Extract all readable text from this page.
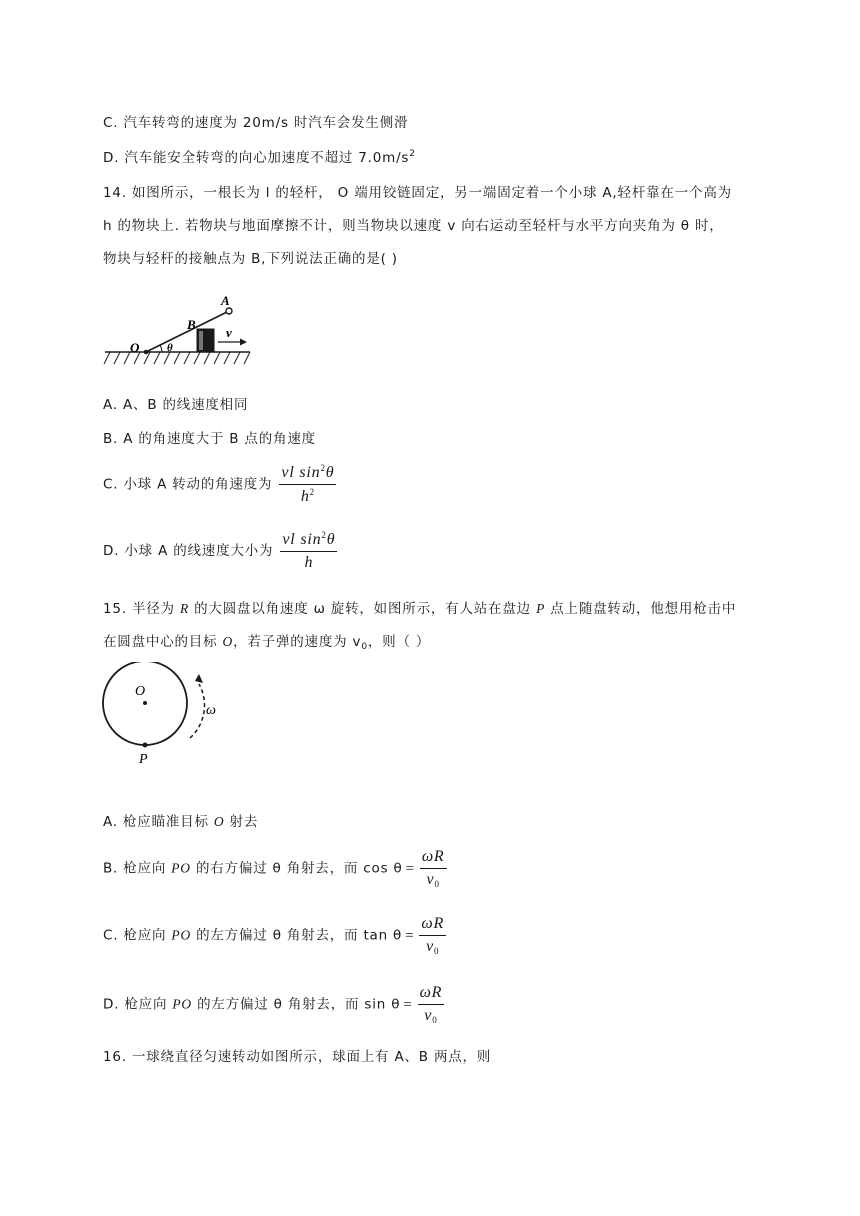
C. 汽车转弯的速度为 20m/s 时汽车会发生侧滑
D. 汽车能安全转弯的向心加速度不超过 $7.0m/s^2$
14. 如图所示，一根长为 l 的轻杆， O 端用铰链固定，另一端固定着一个小球 A,轻杆靠在一个高为
h 的物块上. 若物块与地面摩擦不计，则当物块以速度 v 向右运动至轻杆与水平方向夹角为 θ 时，
物块与轻杆的接触点为 B,下列说法正确的是( )
O	θ
B
A
v
A. A、B 的线速度相同
B. A 的角速度大于 B 点的角速度
C. 小球 A 转动的角速度为 $\frac{vl \sin^2\theta}{h^2}$
D. 小球 A 的线速度大小为 $\frac{vl \sin^2\theta}{h}$
15. 半径为 R 的大圆盘以角速度 ω 旋转，如图所示，有人站在盘边 P 点上随盘转动，他想用枪击中
在圆盘中心的目标 O，若子弹的速度为 $v_0$，则（ ）
O
P
ω
A. 枪应瞄准目标 O 射去
B. 枪应向 PO 的右方偏过 θ 角射去，而 $\cos \theta = \frac{\omega R}{v_0}$
C. 枪应向 PO 的左方偏过 θ 角射去，而 $\tan \theta = \frac{\omega R}{v_0}$
D. 枪应向 PO 的左方偏过 θ 角射去，而 $\sin \theta = \frac{\omega R}{v_0}$
16. 一球绕直径匀速转动如图所示，球面上有 A、B 两点，则
